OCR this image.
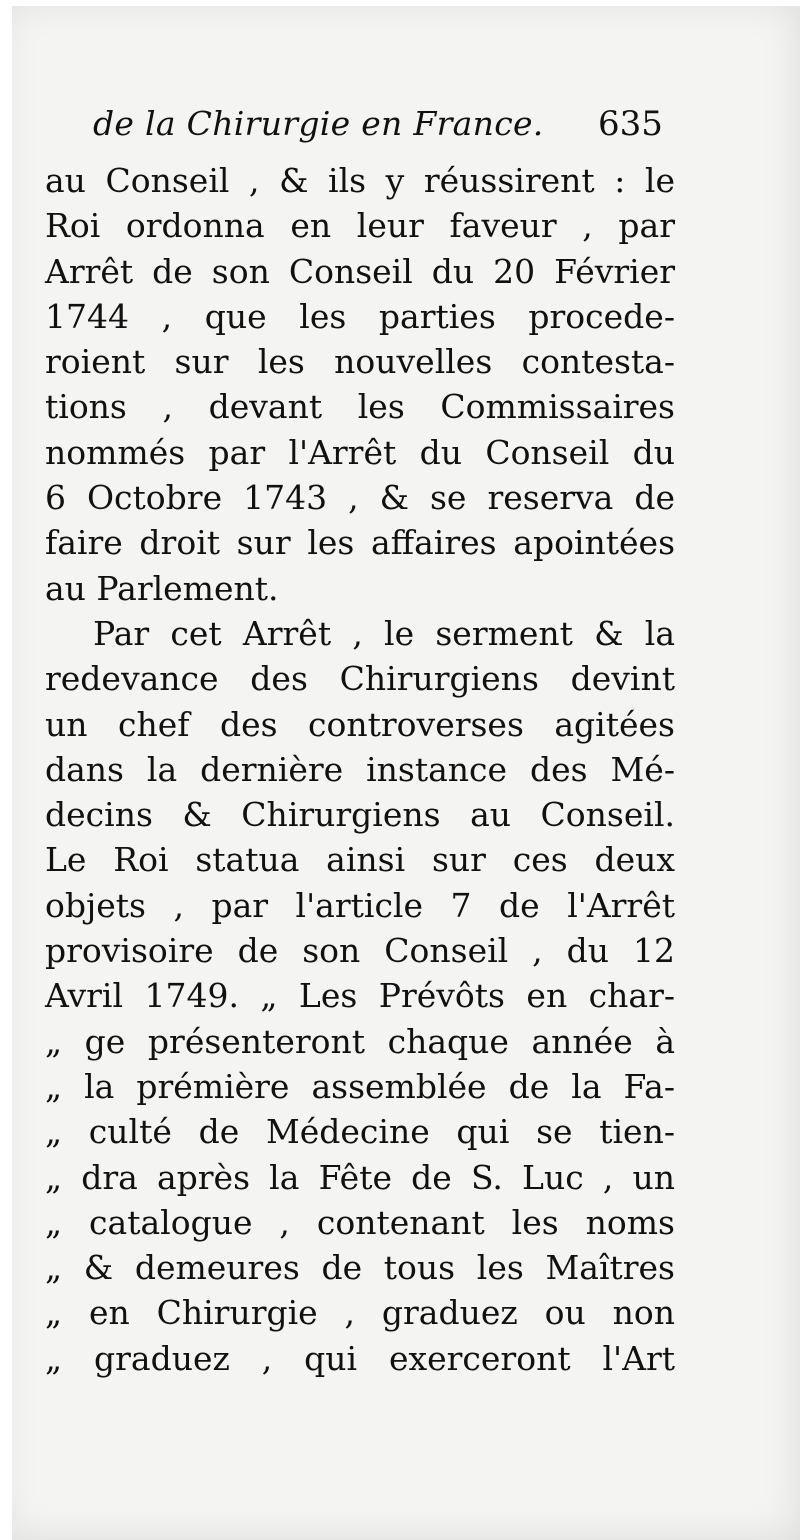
de la Chirurgie en France. 635
au Conseil , & ils y réussirent : le
Roi ordonna en leur faveur , par
Arrêt de son Conseil du 20 Février
1744 , que les parties procede-
roient sur les nouvelles contesta-
tions , devant les Commissaires
nommés par l'Arrêt du Conseil du
6 Octobre 1743 , & se reserva de
faire droit sur les affaires apointées
au Parlement.
Par cet Arrêt , le serment & la
redevance des Chirurgiens devint
un chef des controverses agitées
dans la dernière instance des Mé-
decins & Chirurgiens au Conseil.
Le Roi statua ainsi sur ces deux
objets , par l'article 7 de l'Arrêt
provisoire de son Conseil , du 12
Avril 1749. „ Les Prévôts en char-
„ ge présenteront chaque année à
„ la prémière assemblée de la Fa-
„ culté de Médecine qui se tien-
„ dra après la Fête de S. Luc , un
„ catalogue , contenant les noms
„ & demeures de tous les Maîtres
„ en Chirurgie , graduez ou non
„ graduez , qui exerceront l'Art
